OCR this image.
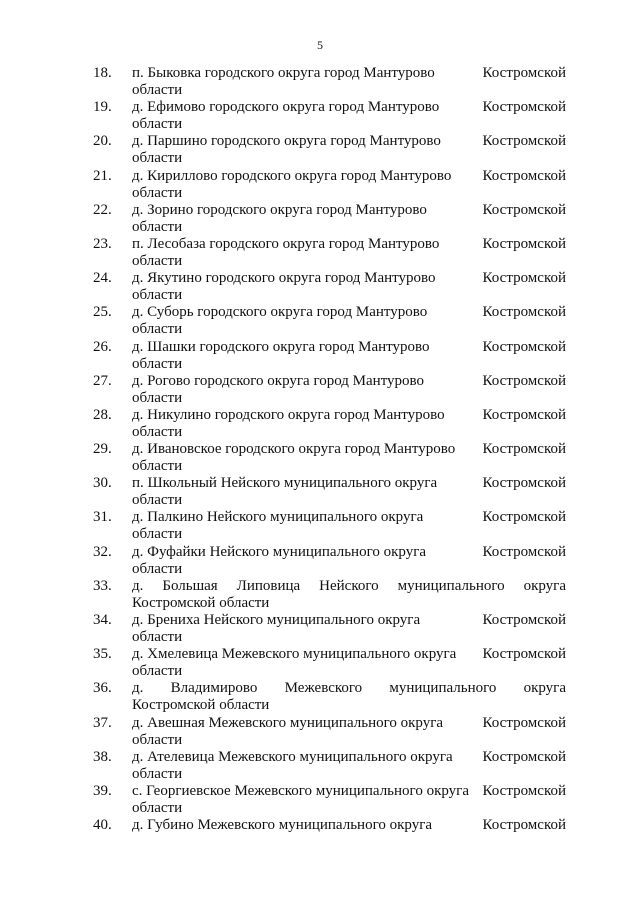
5
18. п. Быковка городского округа город Мантурово	Костромской
области
19. д. Ефимово городского округа город Мантурово	Костромской
области
20. д. Паршино городского округа город Мантурово	Костромской
области
21. д. Кириллово городского округа город Мантурово Костромской
области
22. д. Зорино городского округа город Мантурово	Костромской
области
23. п. Лесобаза городского округа город Мантурово	Костромской
области
24. д. Якутино городского округа город Мантурово	Костромской
области
25. д. Суборь городского округа город Мантурово	Костромской
области
26. д. Шашки городского округа город Мантурово	Костромской
области
27. д. Рогово городского округа город Мантурово	Костромской
области
28. д. Никулино городского округа город Мантурово	Костромской
области
29. д. Ивановское городского округа город Мантурово Костромской
области
30. п. Школьный Нейского муниципального округа	Костромской
области
31. д. Палкино Нейского муниципального округа	Костромской
области
32. д. Фуфайки Нейского муниципального округа	Костромской
области
33. д. Большая Липовица Нейского муниципального округа
Костромской области
34. д. Брениха Нейского муниципального округа	Костромской
области
35. д. Хмелевица Межевского муниципального округа Костромской
области
36. д. Владимирово Межевского муниципального округа
Костромской области
37. д. Авешная Межевского муниципального округа	Костромской
области
38. д. Ателевица Межевского муниципального округа Костромской
области
39. с. Георгиевское Межевского муниципального округа Костромской
области
40. д. Губино Межевского муниципального округа	Костромской
